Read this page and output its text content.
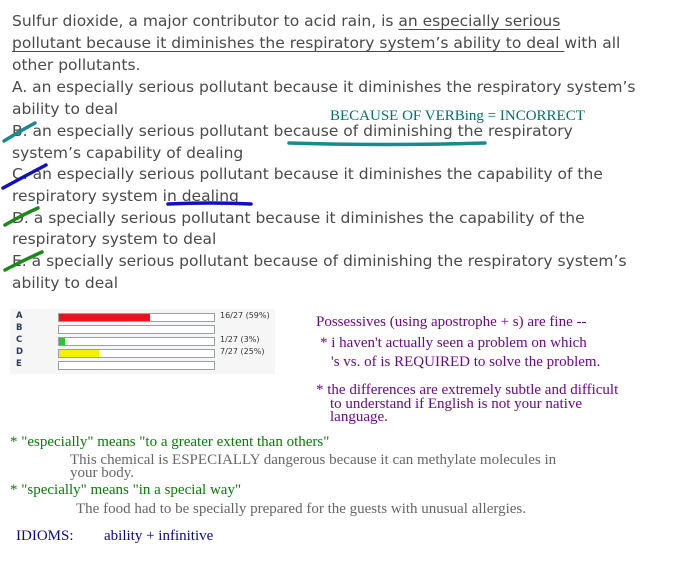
Sulfur dioxide, a major contributor to acid rain, is an especially serious

pollutant because it diminishes the respiratory system’s ability to deal with all

other pollutants.

A. an especially serious pollutant because it diminishes the respiratory system’s

ability to deal

B. an especially serious pollutant because of diminishing the respiratory

system’s capability of dealing

C. an especially serious pollutant because it diminishes the capability of the

respiratory system in dealing

D. a specially serious pollutant because it diminishes the capability of the

respiratory system to deal

E. a specially serious pollutant because of diminishing the respiratory system’s

ability to deal

BECAUSE OF VERBing = INCORRECT

A	16/27 (59%)
B
C	1/27 (3%)
D	7/27 (25%)
E

Possessives (using apostrophe + s) are fine --

* i haven't actually seen a problem on which

's vs. of is REQUIRED to solve the problem.

* the differences are extremely subtle and difficult

to understand if English is not your native

language.

* "especially" means "to a greater extent than others"

This chemical is ESPECIALLY dangerous because it can methylate molecules in

your body.

* "specially" means "in a special way"

The food had to be specially prepared for the guests with unusual allergies.

IDIOMS: ability + infinitive
